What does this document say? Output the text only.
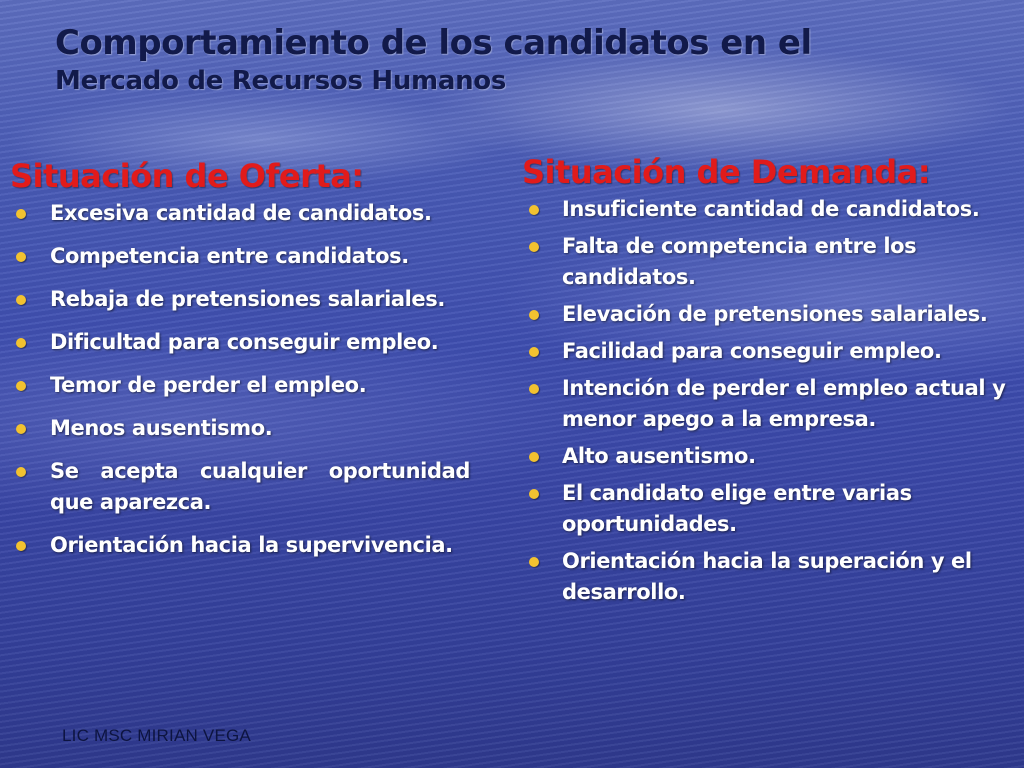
Comportamiento de los candidatos en el
Mercado de Recursos Humanos
Situación de Oferta:
Excesiva cantidad de candidatos.
Competencia entre candidatos.
Rebaja de pretensiones salariales.
Dificultad para conseguir empleo.
Temor de perder el empleo.
Menos ausentismo.
Se acepta cualquier oportunidad que aparezca.
Orientación hacia la supervivencia.
Situación de Demanda:
Insuficiente cantidad de candidatos.
Falta de competencia entre los candidatos.
Elevación de pretensiones salariales.
Facilidad para conseguir empleo.
Intención de perder el empleo actual y menor apego a la empresa.
Alto ausentismo.
El candidato elige entre varias oportunidades.
Orientación hacia la superación y el desarrollo.
LIC MSC MIRIAN VEGA
